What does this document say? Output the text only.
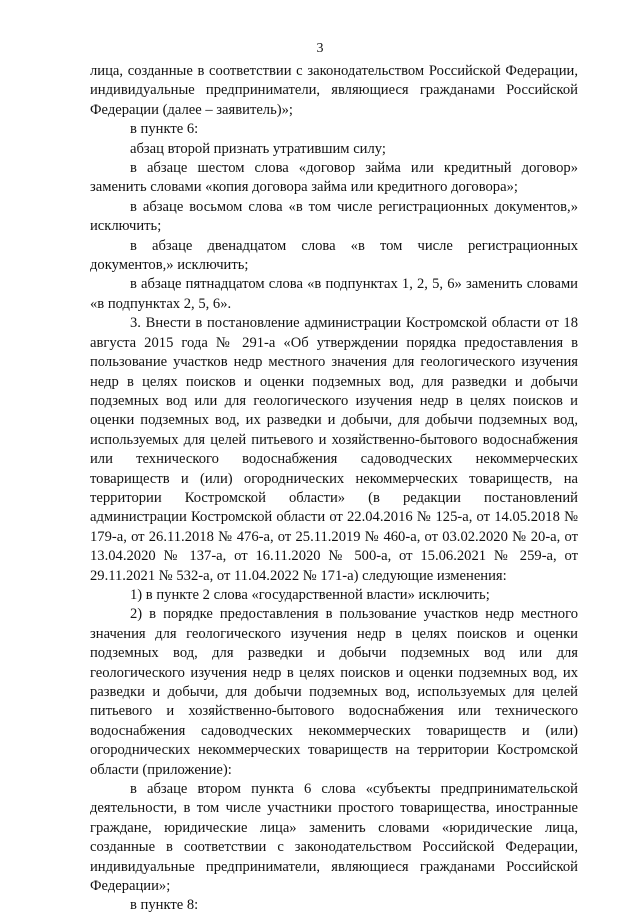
3

лица, созданные в соответствии с законодательством Российской Федерации, индивидуальные предприниматели, являющиеся гражданами Российской Федерации (далее – заявитель)»;

в пункте 6:

абзац второй признать утратившим силу;

в абзаце шестом слова «договор займа или кредитный договор» заменить словами «копия договора займа или кредитного договора»;

в абзаце восьмом слова «в том числе регистрационных документов,» исключить;

в абзаце двенадцатом слова «в том числе регистрационных документов,» исключить;

в абзаце пятнадцатом слова «в подпунктах 1, 2, 5, 6» заменить словами «в подпунктах 2, 5, 6».

3. Внести в постановление администрации Костромской области от 18 августа 2015 года № 291-а «Об утверждении порядка предоставления в пользование участков недр местного значения для геологического изучения недр в целях поисков и оценки подземных вод, для разведки и добычи подземных вод или для геологического изучения недр в целях поисков и оценки подземных вод, их разведки и добычи, для добычи подземных вод, используемых для целей питьевого и хозяйственно-бытового водоснабжения или технического водоснабжения садоводческих некоммерческих товариществ и (или) огороднических некоммерческих товариществ, на территории Костромской области» (в редакции постановлений администрации Костромской области от 22.04.2016 № 125-а, от 14.05.2018 № 179-а, от 26.11.2018 № 476-а, от 25.11.2019 № 460-а, от 03.02.2020 № 20-а, от 13.04.2020 № 137-а, от 16.11.2020 № 500-а, от 15.06.2021 № 259-а, от 29.11.2021 № 532-а, от 11.04.2022 № 171-а) следующие изменения:

1) в пункте 2 слова «государственной власти» исключить;

2) в порядке предоставления в пользование участков недр местного значения для геологического изучения недр в целях поисков и оценки подземных вод, для разведки и добычи подземных вод или для геологического изучения недр в целях поисков и оценки подземных вод, их разведки и добычи, для добычи подземных вод, используемых для целей питьевого и хозяйственно-бытового водоснабжения или технического водоснабжения садоводческих некоммерческих товариществ и (или) огороднических некоммерческих товариществ на территории Костромской области (приложение):

в абзаце втором пункта 6 слова «субъекты предпринимательской деятельности, в том числе участники простого товарищества, иностранные граждане, юридические лица» заменить словами «юридические лица, созданные в соответствии с законодательством Российской Федерации, индивидуальные предприниматели, являющиеся гражданами Российской Федерации»;

в пункте 8:
